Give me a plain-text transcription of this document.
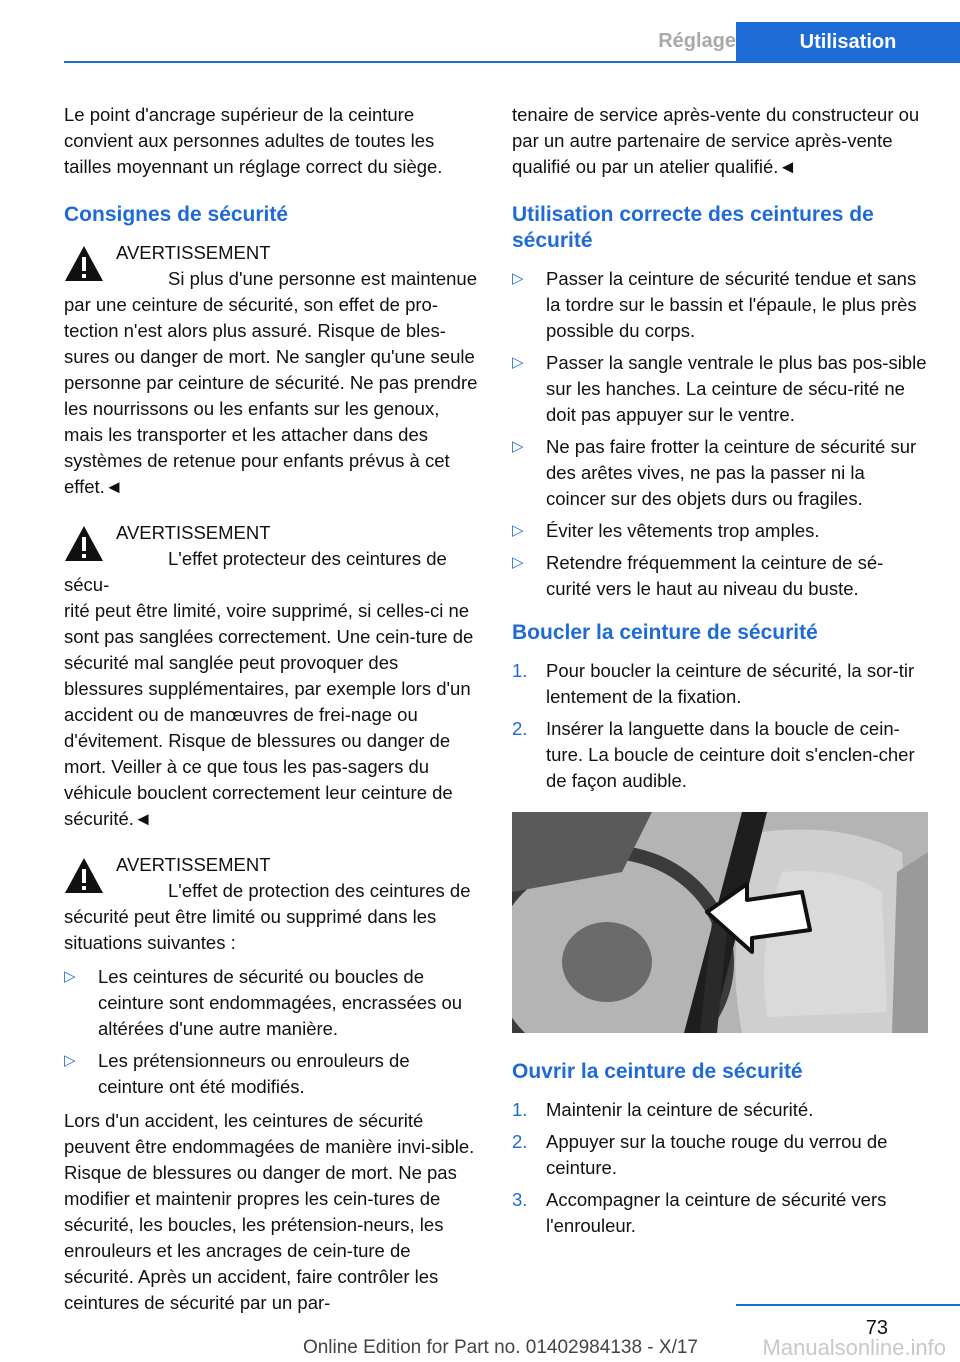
Réglage	Utilisation

Le point d'ancrage supérieur de la ceinture convient aux personnes adultes de toutes les tailles moyennant un réglage correct du siège.

Consignes de sécurité
AVERTISSEMENT
Si plus d'une personne est maintenue

par une ceinture de sécurité, son effet de pro-tection n'est alors plus assuré. Risque de bles-sures ou danger de mort. Ne sangler qu'une seule personne par ceinture de sécurité. Ne pas prendre les nourrissons ou les enfants sur les genoux, mais les transporter et les attacher dans des systèmes de retenue pour enfants prévus à cet effet.◄

AVERTISSEMENT
L'effet protecteur des ceintures de sécu-

rité peut être limité, voire supprimé, si celles-ci ne sont pas sanglées correctement. Une cein-ture de sécurité mal sanglée peut provoquer des blessures supplémentaires, par exemple lors d'un accident ou de manœuvres de frei-nage ou d'évitement. Risque de blessures ou danger de mort. Veiller à ce que tous les pas-sagers du véhicule bouclent correctement leur ceinture de sécurité.◄

AVERTISSEMENT
L'effet de protection des ceintures de

sécurité peut être limité ou supprimé dans les situations suivantes :

▷	Les ceintures de sécurité ou boucles de ceinture sont endommagées, encrassées ou altérées d'une autre manière.
▷	Les prétensionneurs ou enrouleurs de ceinture ont été modifiés.

Lors d'un accident, les ceintures de sécurité peuvent être endommagées de manière invi-sible. Risque de blessures ou danger de mort. Ne pas modifier et maintenir propres les cein-tures de sécurité, les boucles, les prétension-neurs, les enrouleurs et les ancrages de cein-ture de sécurité. Après un accident, faire contrôler les ceintures de sécurité par un par-

tenaire de service après-vente du constructeur ou par un autre partenaire de service après-vente qualifié ou par un atelier qualifié.◄

Utilisation correcte des ceintures de sécurité
▷	Passer la ceinture de sécurité tendue et sans la tordre sur le bassin et l'épaule, le plus près possible du corps.
▷	Passer la sangle ventrale le plus bas pos-sible sur les hanches. La ceinture de sécu-rité ne doit pas appuyer sur le ventre.
▷	Ne pas faire frotter la ceinture de sécurité sur des arêtes vives, ne pas la passer ni la coincer sur des objets durs ou fragiles.
▷	Éviter les vêtements trop amples.
▷	Retendre fréquemment la ceinture de sé-curité vers le haut au niveau du buste.
Boucler la ceinture de sécurité
1.	Pour boucler la ceinture de sécurité, la sor-tir lentement de la fixation.
2.	Insérer la languette dans la boucle de cein-ture. La boucle de ceinture doit s'enclen-cher de façon audible.
Ouvrir la ceinture de sécurité
1.	Maintenir la ceinture de sécurité.
2.	Appuyer sur la touche rouge du verrou de ceinture.
3.	Accompagner la ceinture de sécurité vers l'enrouleur.
73
Online Edition for Part no. 01402984138 - X/17	Manualsonline.info
